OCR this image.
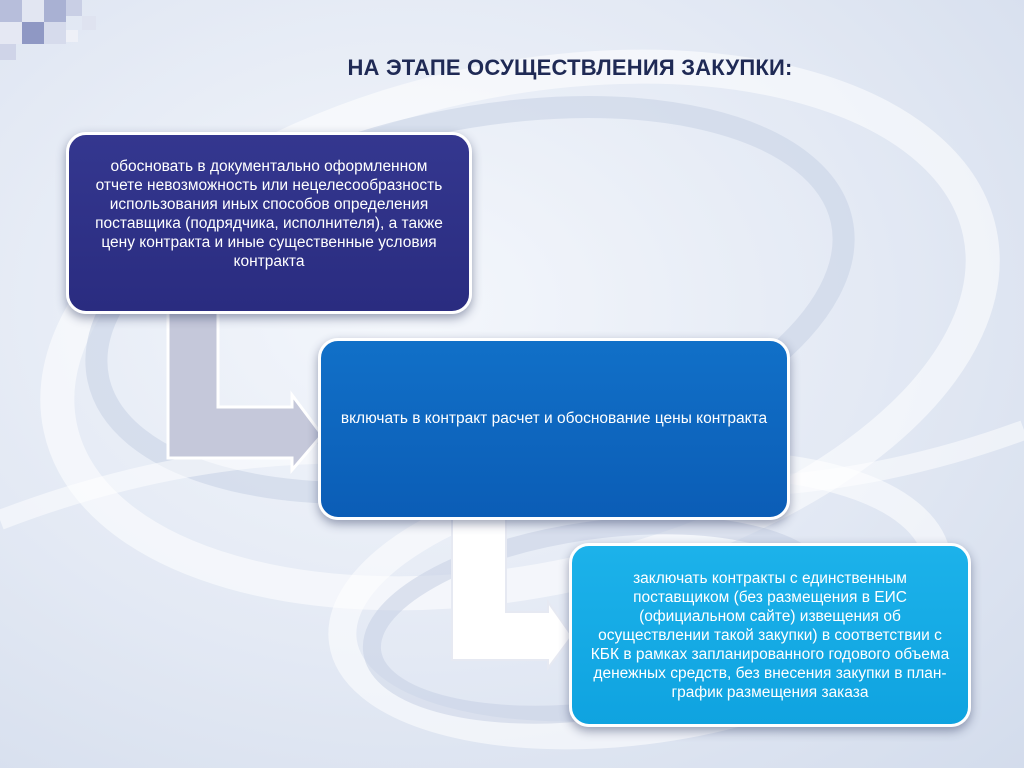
НА ЭТАПЕ ОСУЩЕСТВЛЕНИЯ ЗАКУПКИ:
обосновать в документально оформленном отчете невозможность или нецелесообразность использования иных способов определения поставщика (подрядчика, исполнителя), а также цену контракта и иные существенные условия контракта
включать в контракт расчет и обоснование цены контракта
заключать контракты с единственным поставщиком (без размещения в ЕИС (официальном сайте) извещения об осуществлении такой закупки) в соответствии с КБК в рамках запланированного годового объема денежных средств, без внесения закупки в план-график размещения заказа
